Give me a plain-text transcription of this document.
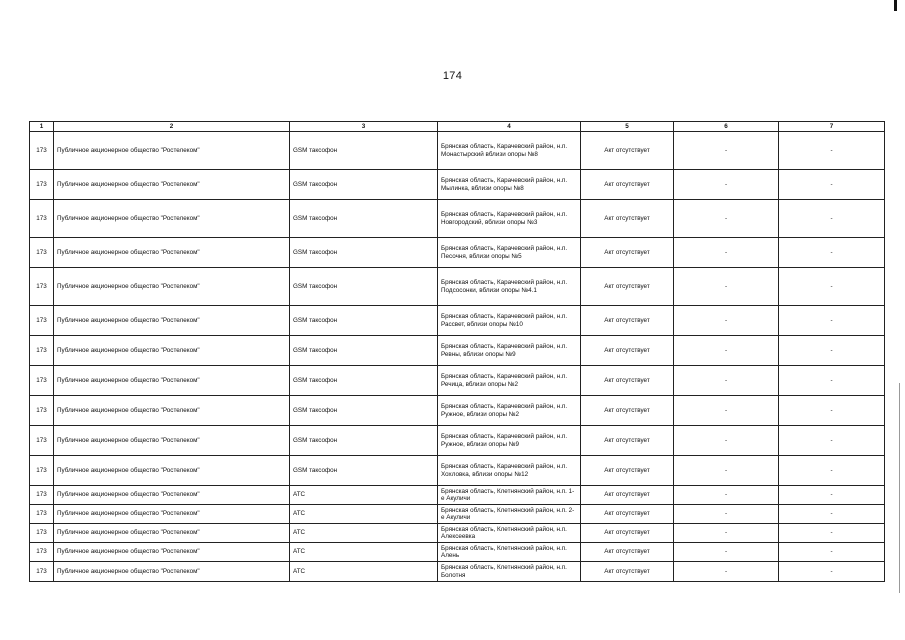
174
1	2	3	4	5	6	7
173	Публичное акционерное общество "Ростелеком"	GSM таксофон	Брянская область, Карачевский район, н.п. Монастырский вблизи опоры №8	Акт отсутствует	-	-
173	Публичное акционерное общество "Ростелеком"	GSM таксофон	Брянская область, Карачевский район, н.п. Мылинка, вблизи опоры №8	Акт отсутствует	-	-
173	Публичное акционерное общество "Ростелеком"	GSM таксофон	Брянская область, Карачевский район, н.п. Новгородский, вблизи опоры №3	Акт отсутствует	-	-
173	Публичное акционерное общество "Ростелеком"	GSM таксофон	Брянская область, Карачевский район, н.п. Песочня, вблизи опоры №5	Акт отсутствует	-	-
173	Публичное акционерное общество "Ростелеком"	GSM таксофон	Брянская область, Карачевский район, н.п. Подсосонки, вблизи опоры №4.1	Акт отсутствует	-	-
173	Публичное акционерное общество "Ростелеком"	GSM таксофон	Брянская область, Карачевский район, н.п. Рассвет, вблизи опоры №10	Акт отсутствует	-	-
173	Публичное акционерное общество "Ростелеком"	GSM таксофон	Брянская область, Карачевский район, н.п. Ревны, вблизи опоры №9	Акт отсутствует	-	-
173	Публичное акционерное общество "Ростелеком"	GSM таксофон	Брянская область, Карачевский район, н.п. Речица, вблизи опоры №2	Акт отсутствует	-	-
173	Публичное акционерное общество "Ростелеком"	GSM таксофон	Брянская область, Карачевский район, н.п. Ружное, вблизи опоры №2	Акт отсутствует	-	-
173	Публичное акционерное общество "Ростелеком"	GSM таксофон	Брянская область, Карачевский район, н.п. Ружное, вблизи опоры №9	Акт отсутствует	-	-
173	Публичное акционерное общество "Ростелеком"	GSM таксофон	Брянская область, Карачевский район, н.п. Хохловка, вблизи опоры №12	Акт отсутствует	-	-
173	Публичное акционерное общество "Ростелеком"	АТС	Брянская область, Клетнянский район, н.п. 1-е Акуличи	Акт отсутствует	-	-
173	Публичное акционерное общество "Ростелеком"	АТС	Брянская область, Клетнянский район, н.п. 2-е Акуличи	Акт отсутствует	-	-
173	Публичное акционерное общество "Ростелеком"	АТС	Брянская область, Клетнянский район, н.п. Алексеевка	Акт отсутствует	-	-
173	Публичное акционерное общество "Ростелеком"	АТС	Брянская область, Клетнянский район, н.п. Алень	Акт отсутствует	-	-
173	Публичное акционерное общество "Ростелеком"	АТС	Брянская область, Клетнянский район, н.п. Болотня	Акт отсутствует	-	-
